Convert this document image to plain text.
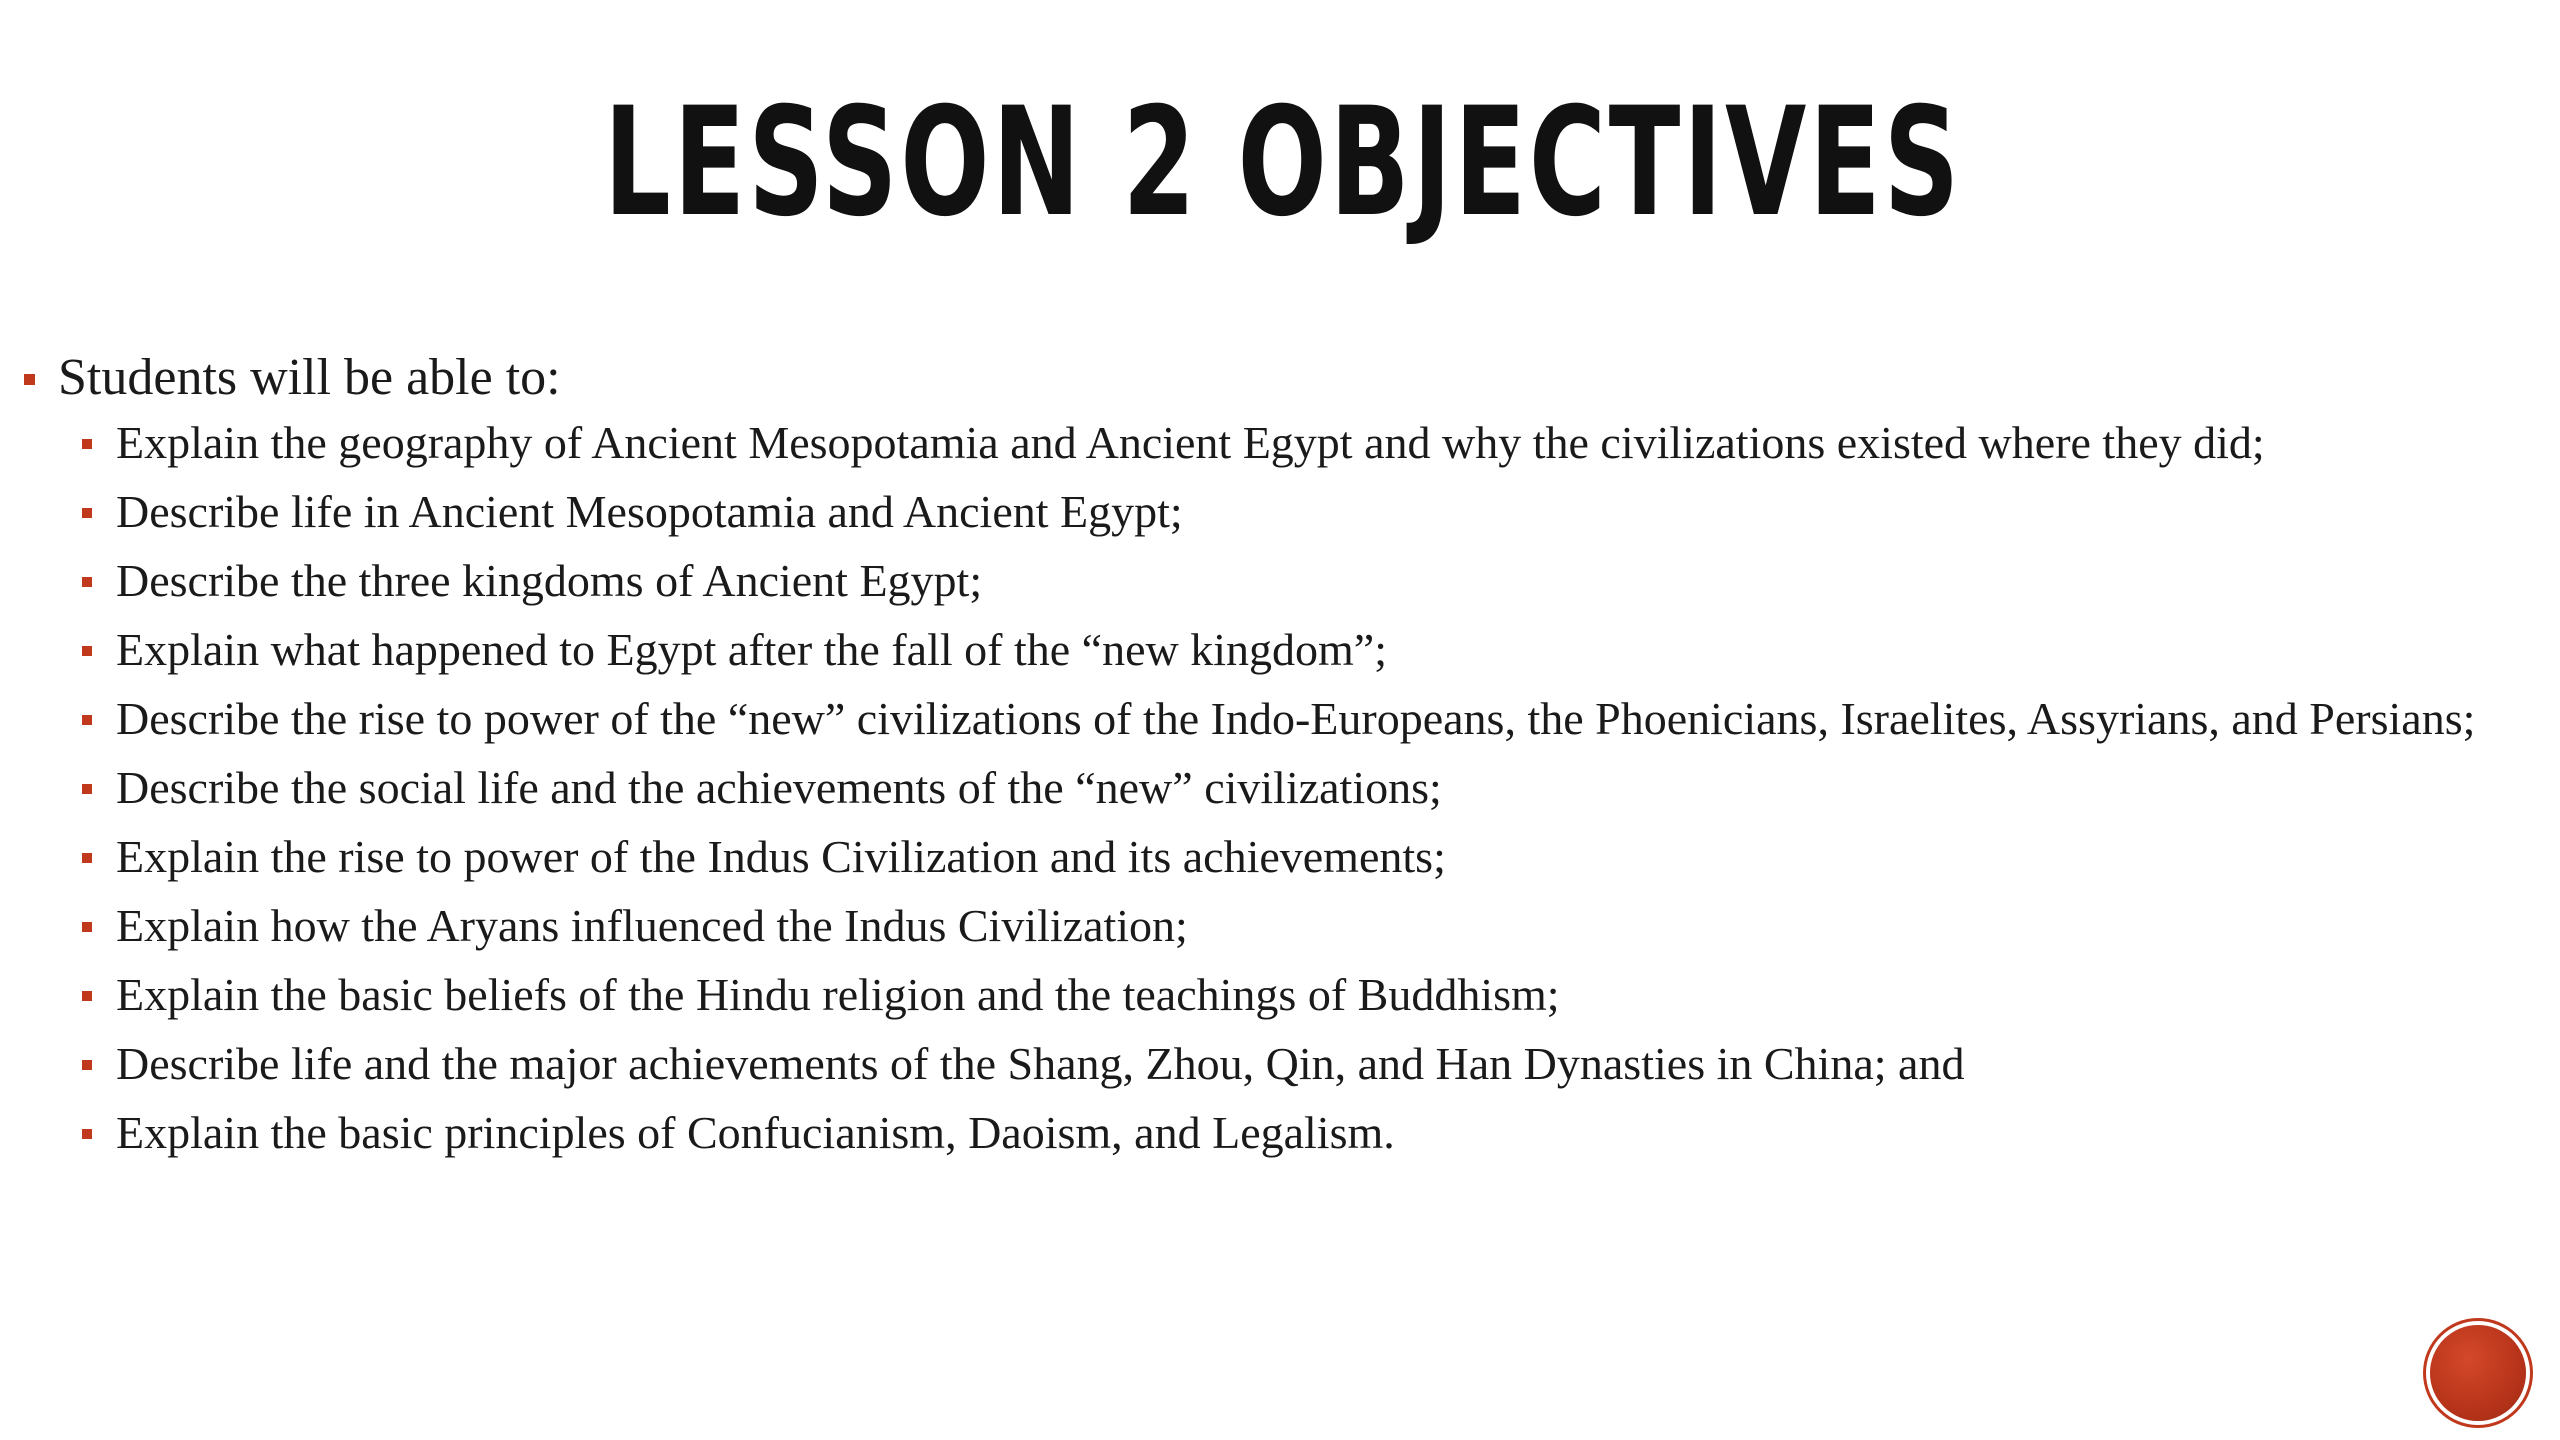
LESSON 2 OBJECTIVES
Students will be able to:
Explain the geography of Ancient Mesopotamia and Ancient Egypt and why the civilizations existed where they did;
Describe life in Ancient Mesopotamia and Ancient Egypt;
Describe the three kingdoms of Ancient Egypt;
Explain what happened to Egypt after the fall of the “new kingdom”;
Describe the rise to power of the “new” civilizations of the Indo-Europeans, the Phoenicians, Israelites, Assyrians, and Persians;
Describe the social life and the achievements of the “new” civilizations;
Explain the rise to power of the Indus Civilization and its achievements;
Explain how the Aryans influenced the Indus Civilization;
Explain the basic beliefs of the Hindu religion and the teachings of Buddhism;
Describe life and the major achievements of the Shang, Zhou, Qin, and Han Dynasties in China; and
Explain the basic principles of Confucianism, Daoism, and Legalism.
